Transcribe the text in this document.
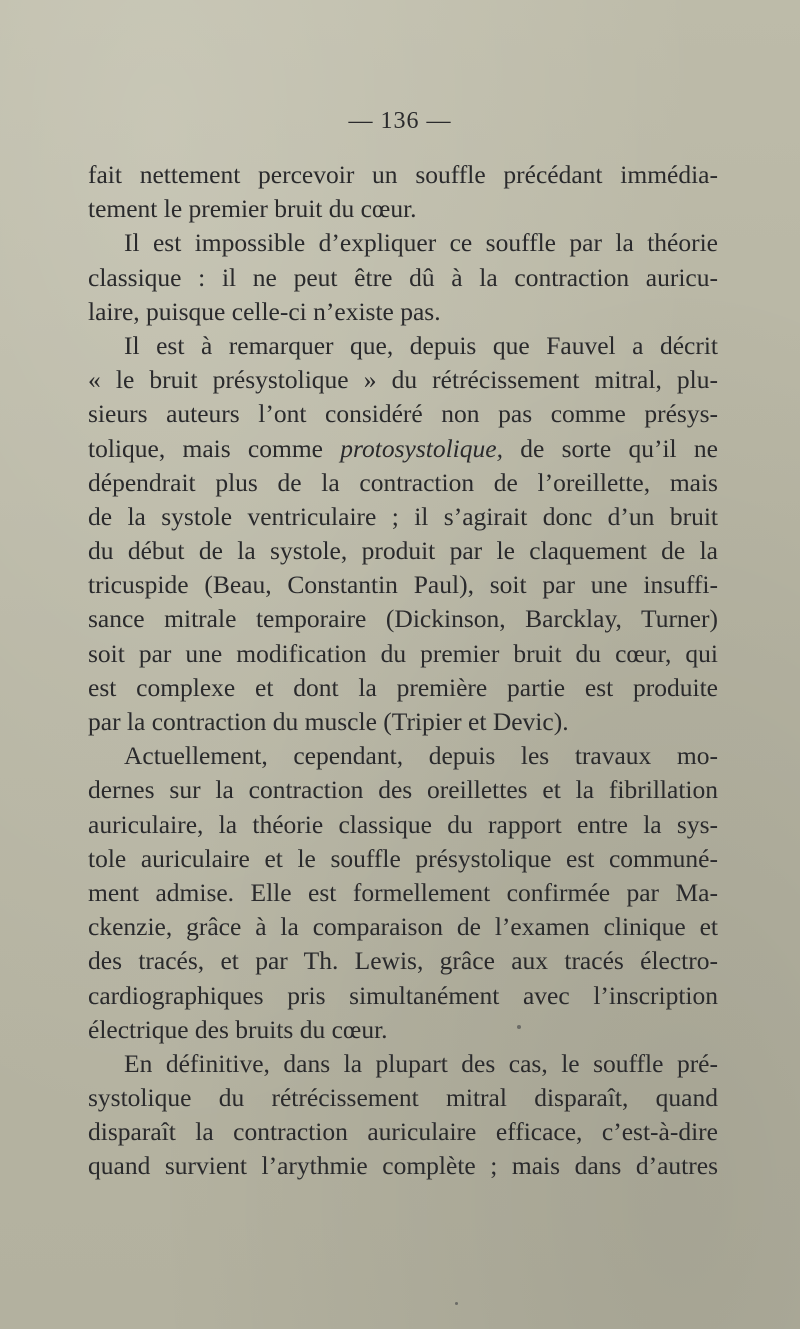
— 136 —
fait nettement percevoir un souffle précédant immédia-
tement le premier bruit du cœur.
Il est impossible d’expliquer ce souffle par la théorie
classique : il ne peut être dû à la contraction auricu-
laire, puisque celle-ci n’existe pas.
Il est à remarquer que, depuis que Fauvel a décrit
« le bruit présystolique » du rétrécissement mitral, plu-
sieurs auteurs l’ont considéré non pas comme présys-
tolique, mais comme protosystolique, de sorte qu’il ne
dépendrait plus de la contraction de l’oreillette, mais
de la systole ventriculaire ; il s’agirait donc d’un bruit
du début de la systole, produit par le claquement de la
tricuspide (Beau, Constantin Paul), soit par une insuffi-
sance mitrale temporaire (Dickinson, Barcklay, Turner)
soit par une modification du premier bruit du cœur, qui
est complexe et dont la première partie est produite
par la contraction du muscle (Tripier et Devic).
Actuellement, cependant, depuis les travaux mo-
dernes sur la contraction des oreillettes et la fibrillation
auriculaire, la théorie classique du rapport entre la sys-
tole auriculaire et le souffle présystolique est communé-
ment admise. Elle est formellement confirmée par Ma-
ckenzie, grâce à la comparaison de l’examen clinique et
des tracés, et par Th. Lewis, grâce aux tracés électro-
cardiographiques pris simultanément avec l’inscription
électrique des bruits du cœur.
En définitive, dans la plupart des cas, le souffle pré-
systolique du rétrécissement mitral disparaît, quand
disparaît la contraction auriculaire efficace, c’est-à-dire
quand survient l’arythmie complète ; mais dans d’autres
